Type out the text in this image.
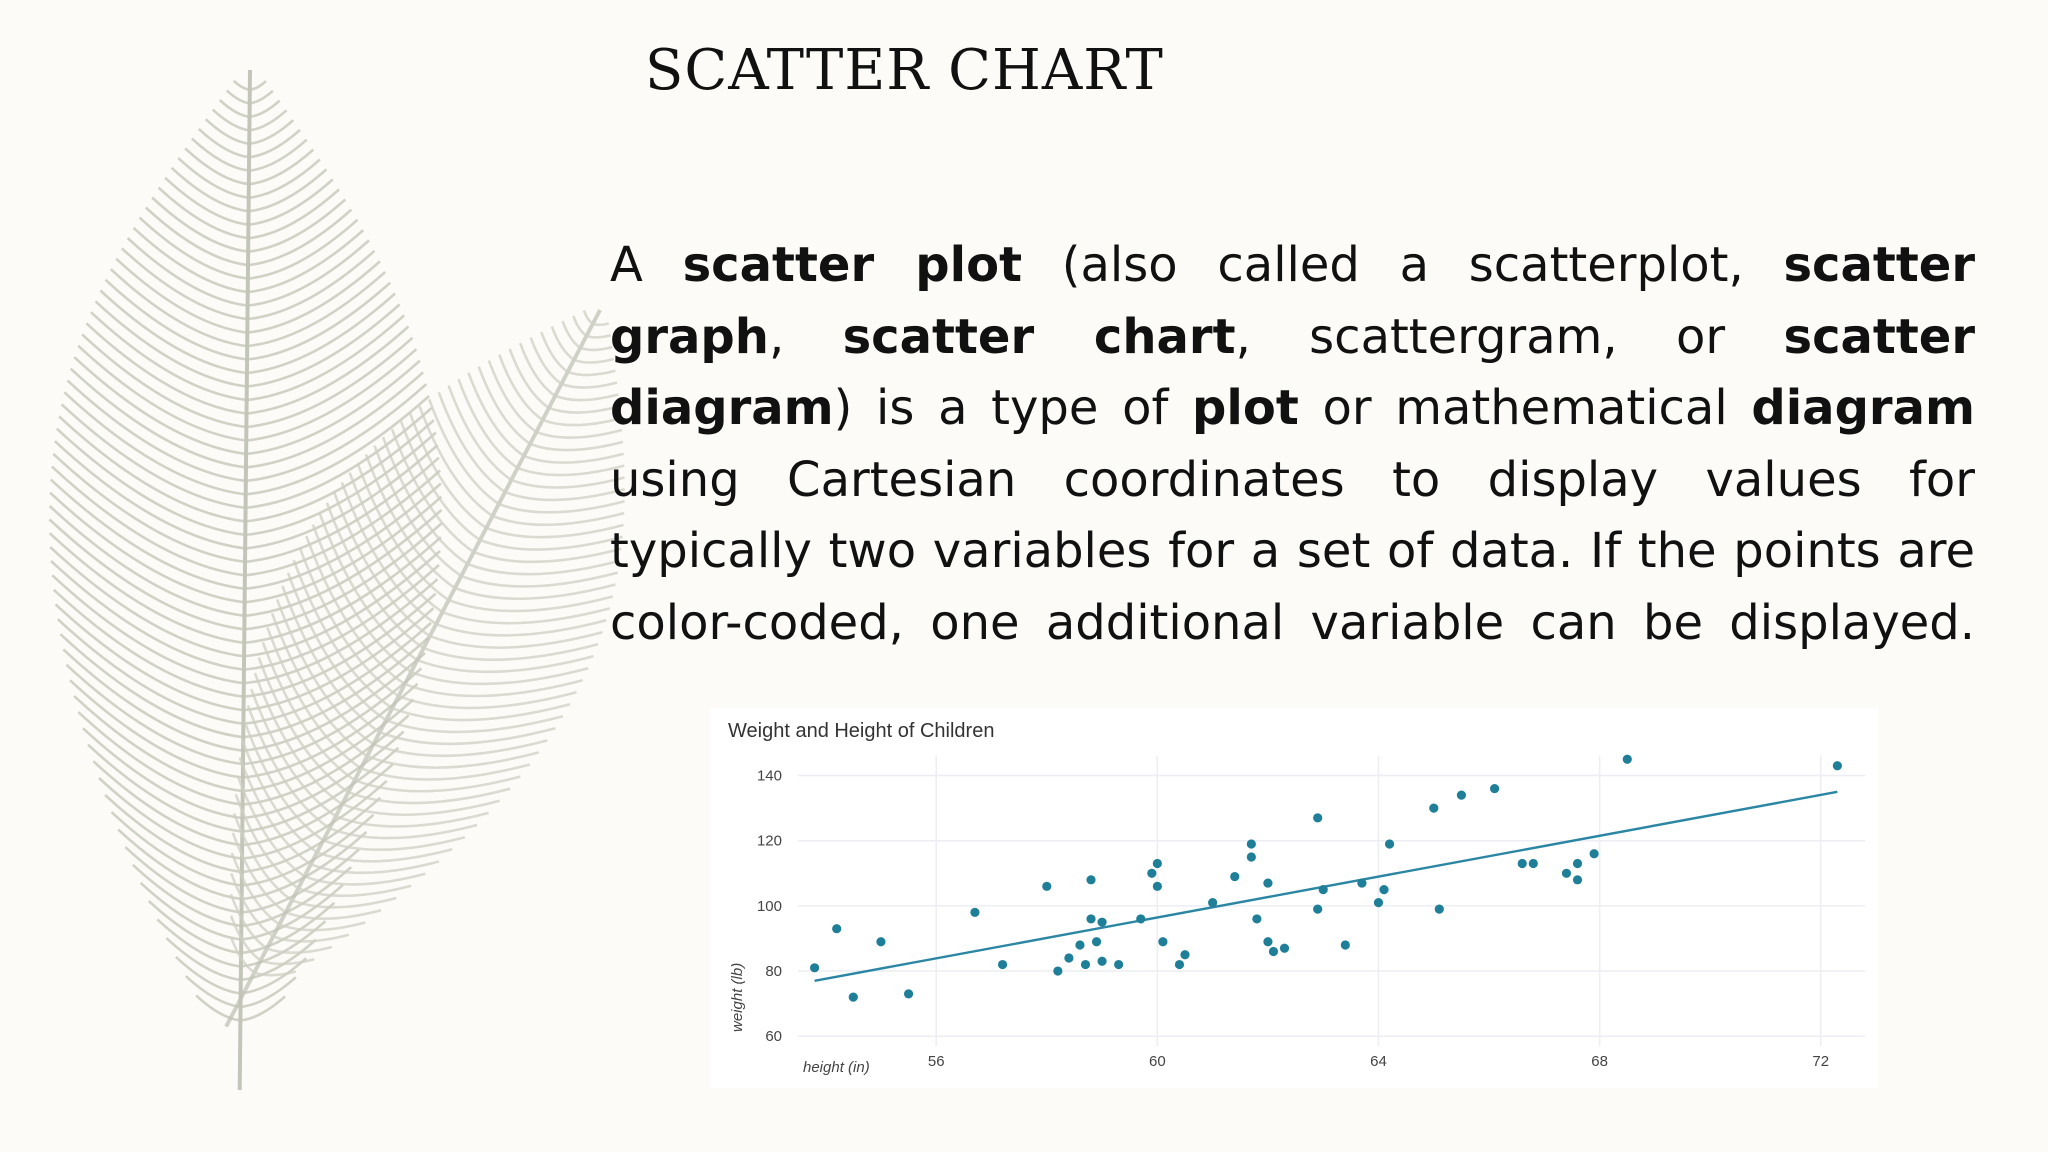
SCATTER CHART

A scatter plot (also called a scatterplot, scatter graph, scatter chart, scattergram, or scatter diagram) is a type of plot or mathematical diagram using Cartesian coordinates to display values for typically two variables for a set of data. If the points are color-coded, one additional variable can be displayed.

Weight and Height of Children
56	60	64	68	72
60
80
100
120
140
height (in)
weight (lb)
